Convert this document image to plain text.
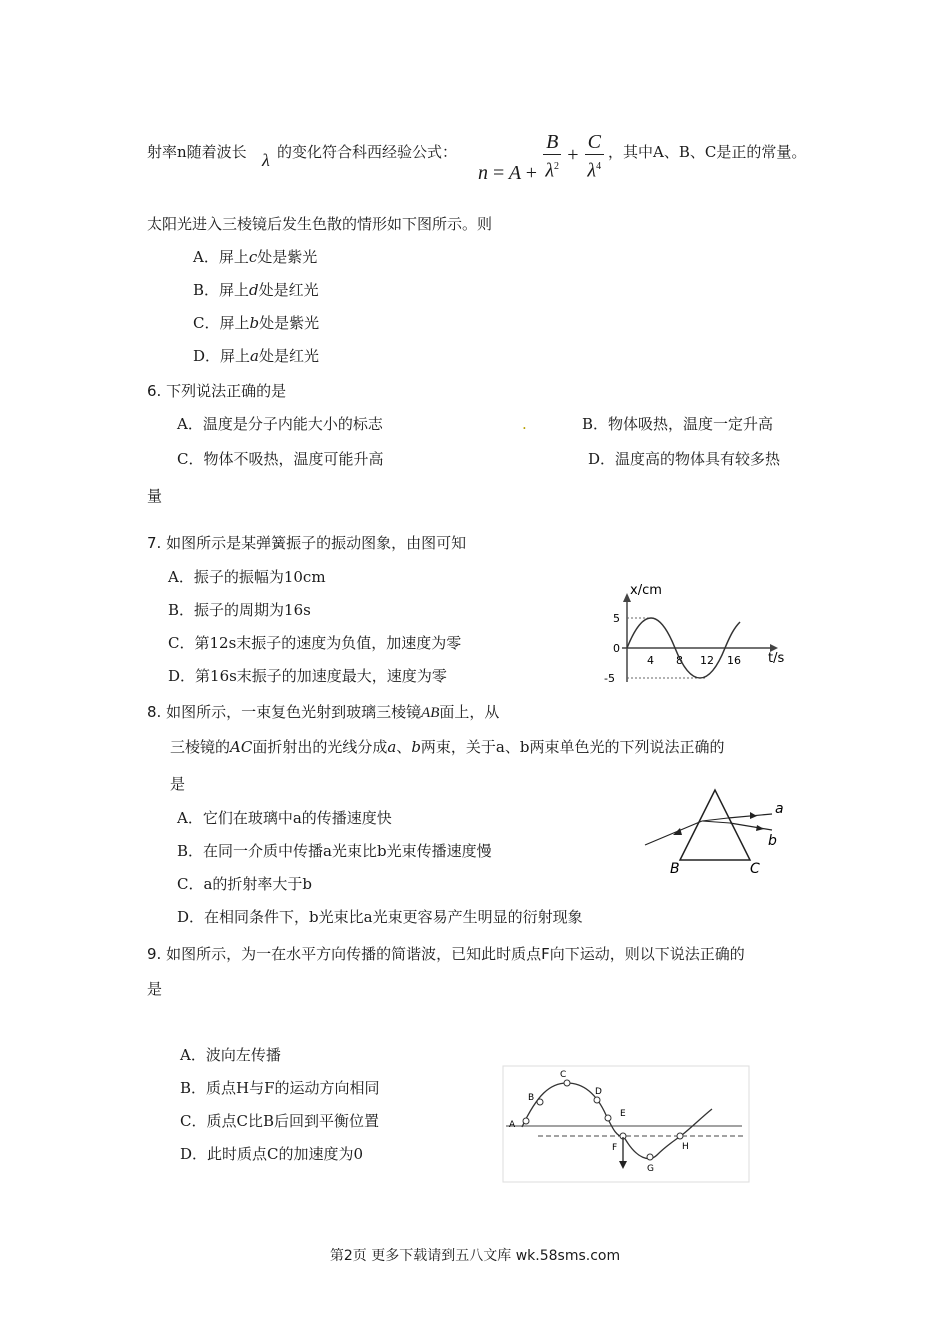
射率n随着波长 λ 的变化符合科西经验公式：
$n = A + \frac{B}{\lambda^2} + \frac{C}{\lambda^4}$ ，其中A、B、C是正的常量。
太阳光进入三棱镜后发生色散的情形如下图所示。则
A．屏上c处是紫光
B．屏上d处是红光
C．屏上b处是紫光
D．屏上a处是红光
6. 下列说法正确的是
A．温度是分子内能大小的标志	.	B．物体吸热，温度一定升高
C．物体不吸热，温度可能升高	D．温度高的物体具有较多热
量
7. 如图所示是某弹簧振子的振动图象，由图可知
A．振子的振幅为10cm
B．振子的周期为16s
C．第12s末振子的速度为负值，加速度为零
D．第16s末振子的加速度最大，速度为零
x/cm
t/s
5
0
-5
4 8 12 16
8. 如图所示，一束复色光射到玻璃三棱镜AB面上，从
三棱镜的AC面折射出的光线分成a、b两束，关于a、b两束单色光的下列说法正确的
是
A．它们在玻璃中a的传播速度快
B．在同一介质中传播a光束比b光束传播速度慢
C．a的折射率大于b
D．在相同条件下，b光束比a光束更容易产生明显的衍射现象
a
b
B	C
9. 如图所示，为一在水平方向传播的简谐波，已知此时质点F向下运动，则以下说法正确的
是
A．波向左传播
B．质点H与F的运动方向相同
C．质点C比B后回到平衡位置
D．此时质点C的加速度为0
A
B
C
D
E
F
G
H
第2页 更多下载请到五八文库 wk.58sms.com
